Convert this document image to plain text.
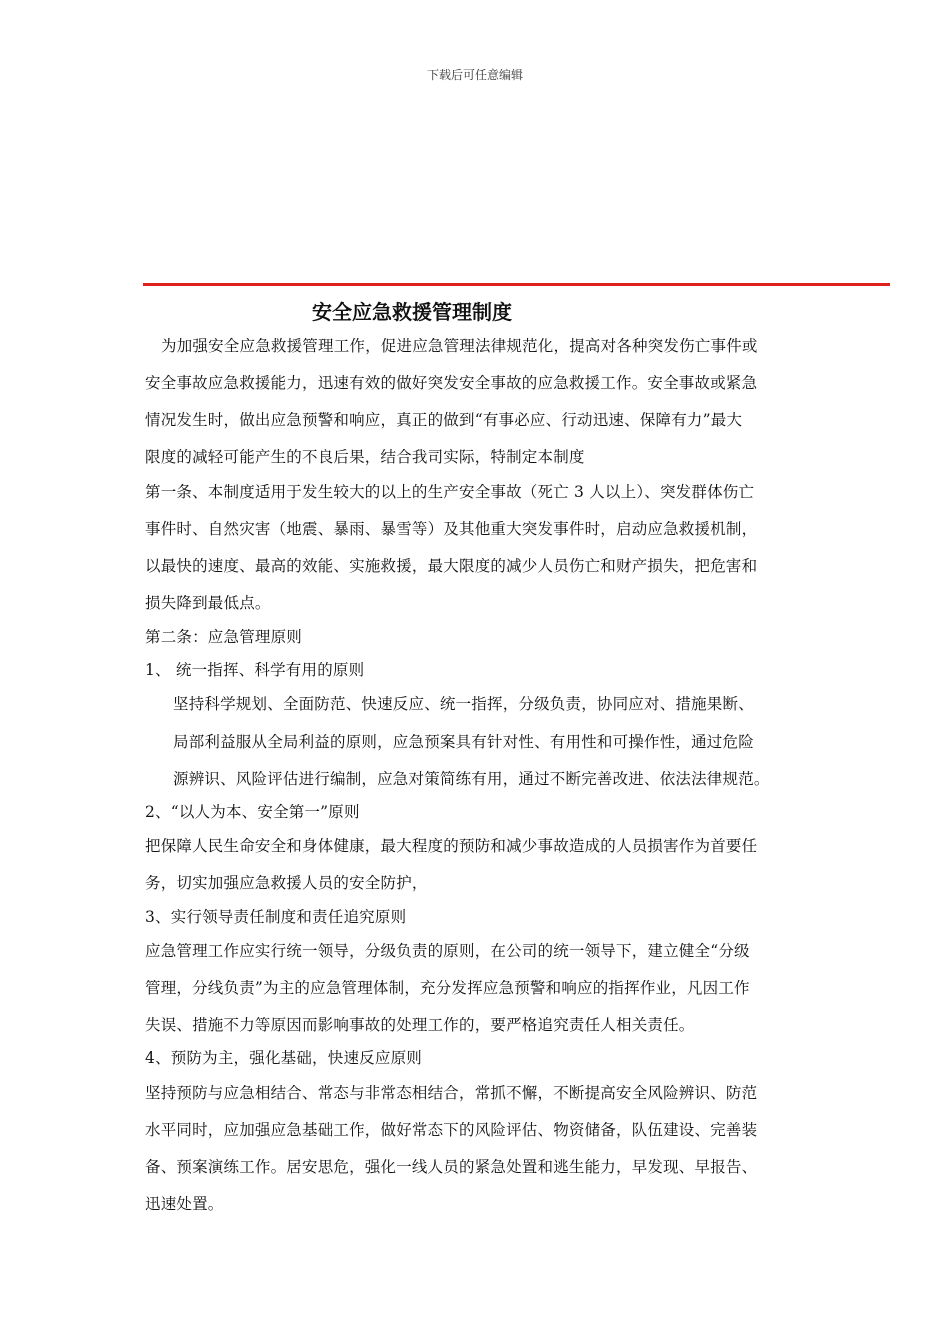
下载后可任意编辑
安全应急救援管理制度
为加强安全应急救援管理工作，促进应急管理法律规范化，提高对各种突发伤亡事件或
安全事故应急救援能力，迅速有效的做好突发安全事故的应急救援工作。安全事故或紧急
情况发生时，做出应急预警和响应，真正的做到“有事必应、行动迅速、保障有力”最大
限度的减轻可能产生的不良后果，结合我司实际，特制定本制度
第一条、本制度适用于发生较大的以上的生产安全事故（死亡 3 人以上）、突发群体伤亡
事件时、自然灾害（地震、暴雨、暴雪等）及其他重大突发事件时，启动应急救援机制，
以最快的速度、最高的效能、实施救援，最大限度的减少人员伤亡和财产损失，把危害和
损失降到最低点。
第二条：应急管理原则
1、 统一指挥、科学有用的原则
坚持科学规划、全面防范、快速反应、统一指挥，分级负责，协同应对、措施果断、
局部利益服从全局利益的原则，应急预案具有针对性、有用性和可操作性，通过危险
源辨识、风险评估进行编制，应急对策简练有用，通过不断完善改进、依法法律规范。
2、“以人为本、安全第一”原则
把保障人民生命安全和身体健康，最大程度的预防和减少事故造成的人员损害作为首要任
务，切实加强应急救援人员的安全防护，
3、实行领导责任制度和责任追究原则
应急管理工作应实行统一领导，分级负责的原则，在公司的统一领导下，建立健全“分级
管理，分线负责”为主的应急管理体制，充分发挥应急预警和响应的指挥作业，凡因工作
失误、措施不力等原因而影响事故的处理工作的，要严格追究责任人相关责任。
4、预防为主，强化基础，快速反应原则
坚持预防与应急相结合、常态与非常态相结合，常抓不懈，不断提高安全风险辨识、防范
水平同时，应加强应急基础工作，做好常态下的风险评估、物资储备，队伍建设、完善装
备、预案演练工作。居安思危，强化一线人员的紧急处置和逃生能力，早发现、早报告、
迅速处置。
